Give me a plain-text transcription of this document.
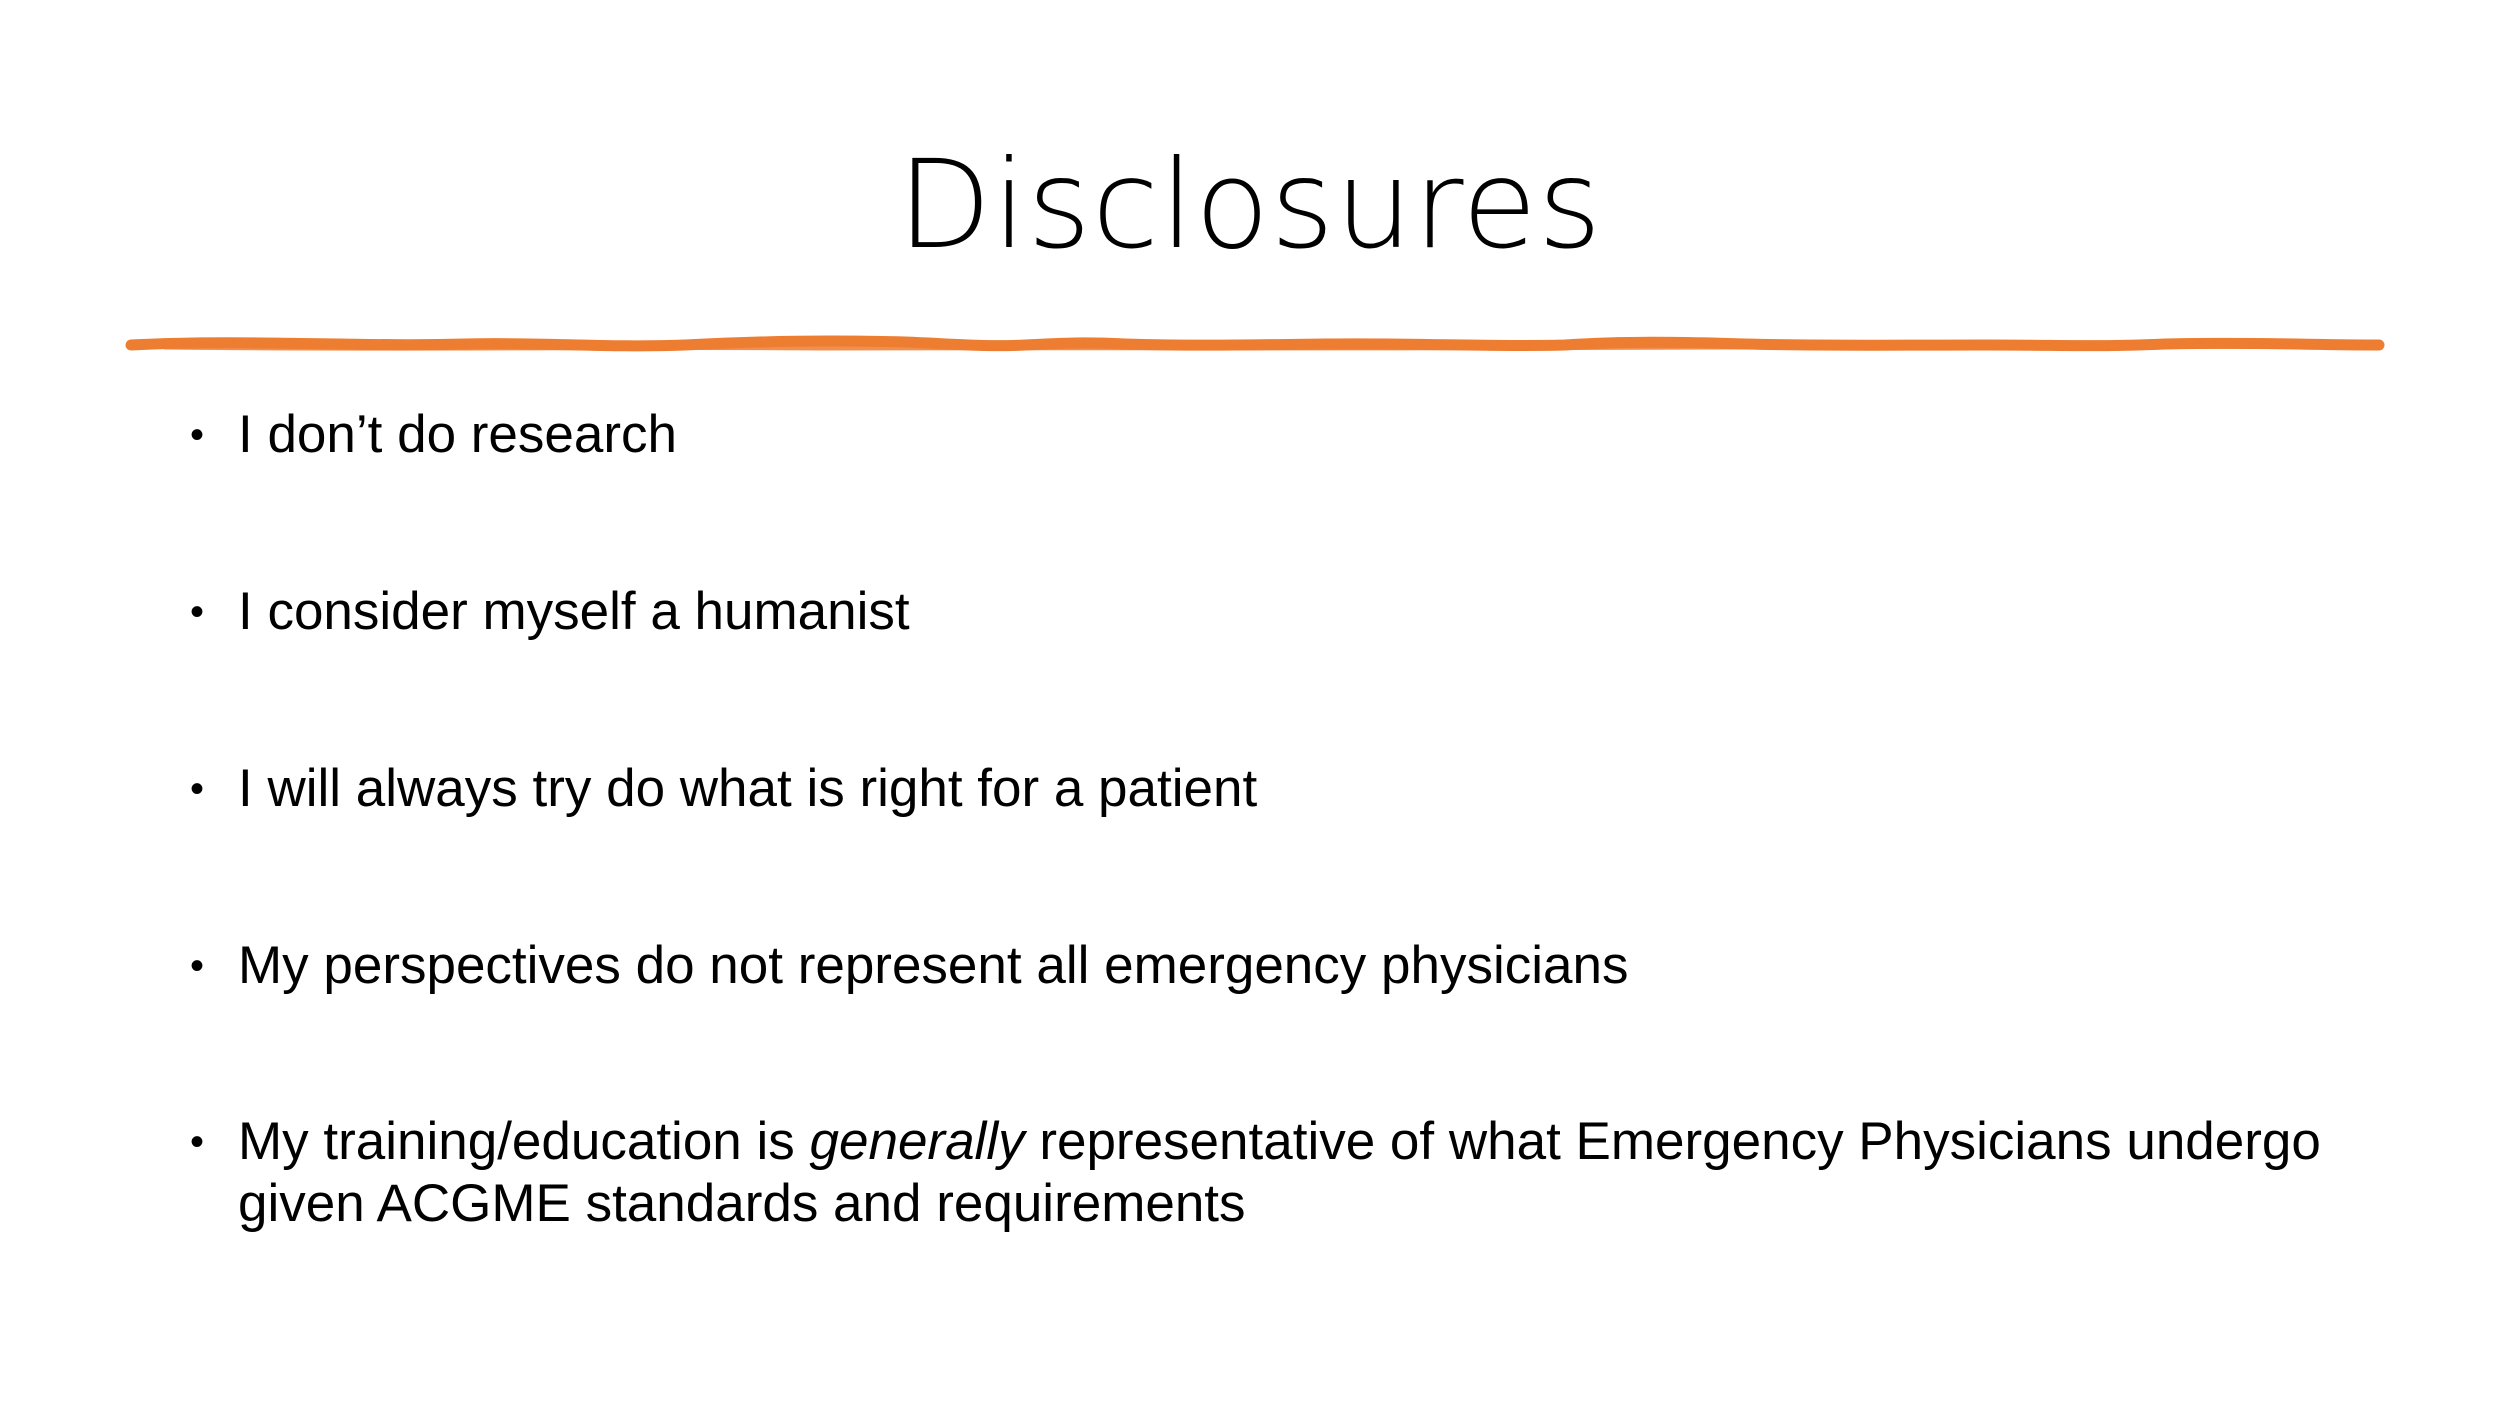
Disclosures
• I don’t do research
• I consider myself a humanist
• I will always try do what is right for a patient
• My perspectives do not represent all emergency physicians
• My training/education is generally representative of what Emergency Physicians undergo given ACGME standards and requirements
